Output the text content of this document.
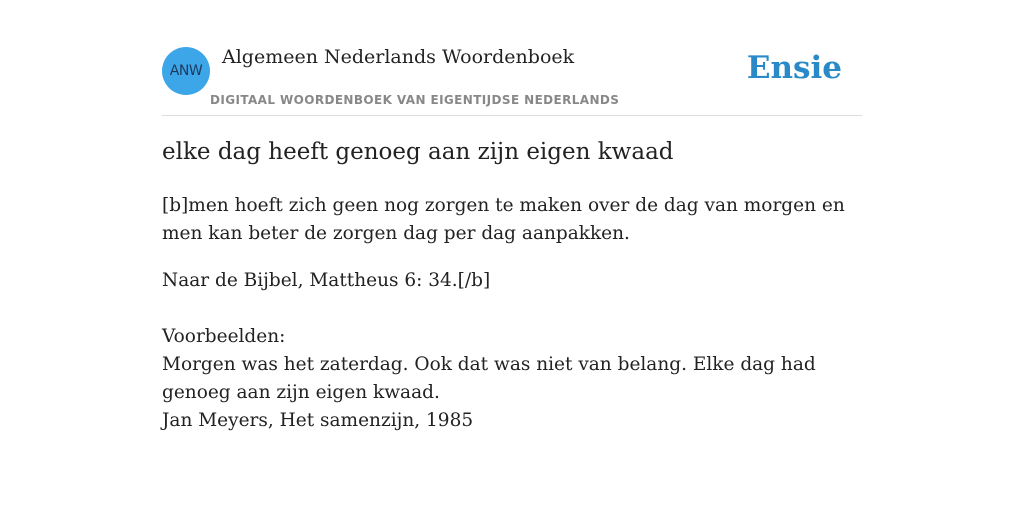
ANW
Algemeen Nederlands Woordenboek
DIGITAAL WOORDENBOEK VAN EIGENTIJDSE NEDERLANDS
Ensie
elke dag heeft genoeg aan zijn eigen kwaad

[b]men hoeft zich geen nog zorgen te maken over de dag van morgen en men kan beter de zorgen dag per dag aanpakken.

Naar de Bijbel, Mattheus 6: 34.[/b]

Voorbeelden:

Morgen was het zaterdag. Ook dat was niet van belang. Elke dag had genoeg aan zijn eigen kwaad.

Jan Meyers, Het samenzijn, 1985
